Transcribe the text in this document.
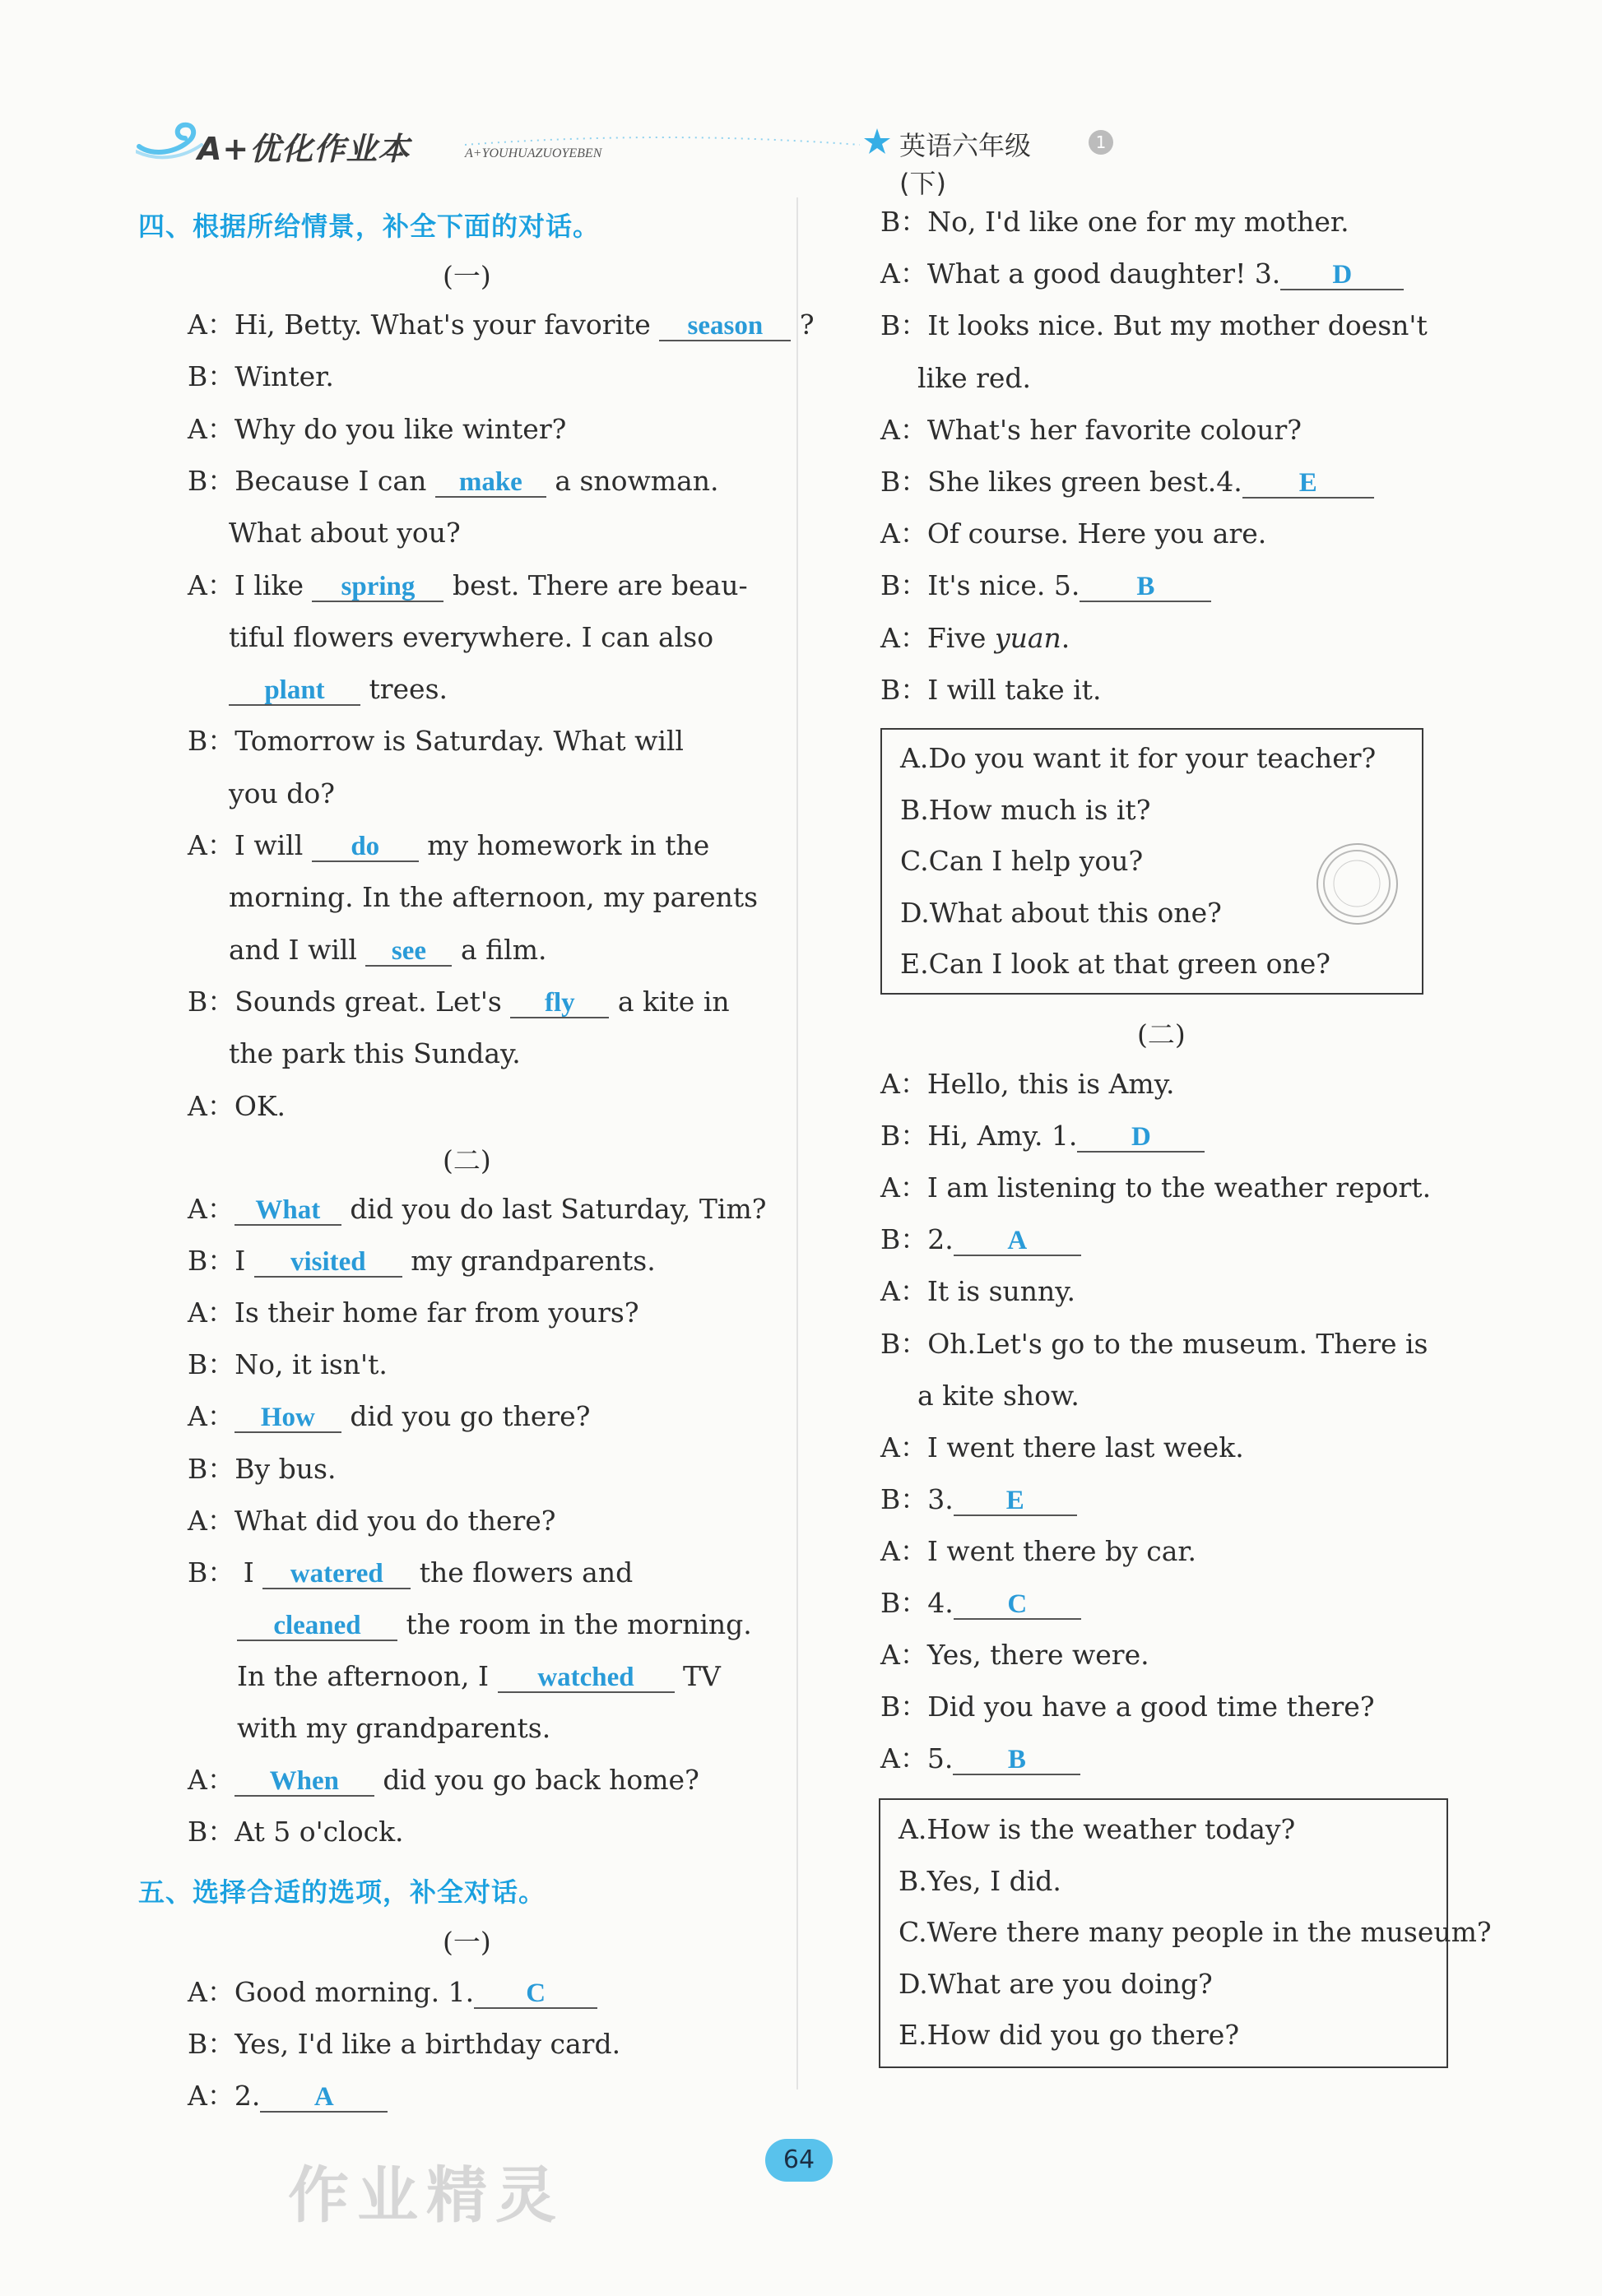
A+优化作业本	A+YOUHUAZUOYEBEN	英语六年级(下)
1
四、根据所给情景，补全下面的对话。
(一)
A：Hi, Betty. What's your favorite season ?
B：Winter.
A：Why do you like winter?
B：Because I can make a snowman.
What about you?
A：I like spring best. There are beau-
tiful flowers everywhere. I can also
plant trees.
B：Tomorrow is Saturday. What will
you do?
A：I will do my homework in the
morning. In the afternoon, my parents
and I will see a film.
B：Sounds great. Let's fly a kite in
the park this Sunday.
A：OK.
(二)
A： What did you do last Saturday, Tim?
B：I visited my grandparents.
A：Is their home far from yours?
B：No, it isn't.
A： How did you go there?
B：By bus.
A：What did you do there?
B： I watered the flowers and
cleaned the room in the morning.
In the afternoon, I watched TV
with my grandparents.
A： When did you go back home?
B：At 5 o'clock.
五、选择合适的选项，补全对话。
(一)
A：Good morning. 1. C
B：Yes, I'd like a birthday card.
A：2. A
B：No, I'd like one for my mother.
A：What a good daughter! 3. D
B：It looks nice. But my mother doesn't
like red.
A：What's her favorite colour?
B：She likes green best.4. E
A：Of course. Here you are.
B：It's nice. 5. B
A：Five yuan.
B：I will take it.
A.Do you want it for your teacher?
B.How much is it?
C.Can I help you?
D.What about this one?
E.Can I look at that green one?
(二)
A：Hello, this is Amy.
B：Hi, Amy. 1. D
A：I am listening to the weather report.
B：2. A
A：It is sunny.
B：Oh.Let's go to the museum. There is
a kite show.
A：I went there last week.
B：3. E
A：I went there by car.
B：4. C
A：Yes, there were.
B：Did you have a good time there?
A：5. B
A.How is the weather today?
B.Yes, I did.
C.Were there many people in the museum?
D.What are you doing?
E.How did you go there?
64
作业精灵
